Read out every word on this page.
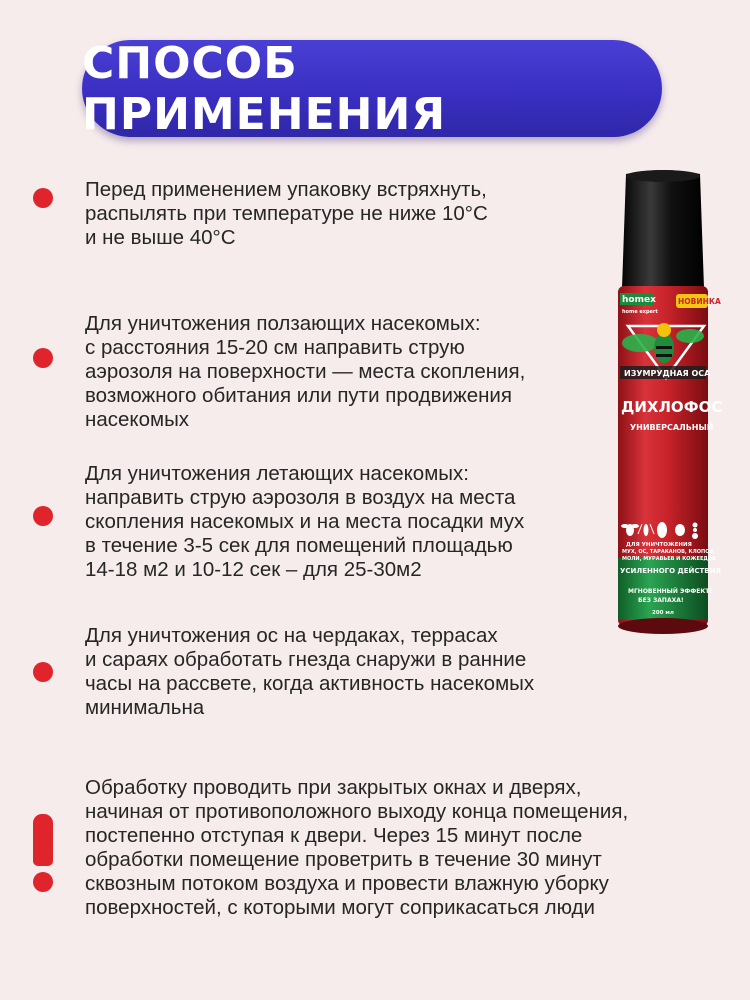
СПОСОБ ПРИМЕНЕНИЯ
Перед применением упаковку встряхнуть,
распылять при температуре не ниже 10°С
и не выше 40°С
Для уничтожения ползающих насекомых:
с расстояния 15-20 см направить струю
аэрозоля на поверхности — места скопления,
возможного обитания или пути продвижения
насекомых
Для уничтожения летающих насекомых:
направить струю аэрозоля в воздух на места
скопления насекомых и на места посадки мух
в течение 3-5 сек для помещений площадью
14-18 м2 и 10-12 сек – для 25-30м2
Для уничтожения ос на чердаках, террасах
и сараях обработать гнезда снаружи в ранние
часы на рассвете, когда активность насекомых
минимальна
Обработку проводить при закрытых окнах и дверях,
начиная от противоположного выходу конца помещения,
постепенно отступая к двери. Через 15 минут после
обработки помещение проветрить в течение 30 минут
сквозным потоком воздуха и провести влажную уборку
поверхностей, с которыми могут соприкасаться люди
homex
home expert
НОВИНКА
ИЗУМРУДНАЯ ОСА
ДИХЛОФОС
УНИВЕРСАЛЬНЫЙ
ДЛЯ УНИЧТОЖЕНИЯ
МУХ, ОС, ТАРАКАНОВ, КЛОПОВ,
МОЛИ, МУРАВЬЕВ И КОЖЕЕДОВ
УСИЛЕННОГО ДЕЙСТВИЯ
МГНОВЕННЫЙ ЭФФЕКТ!
БЕЗ ЗАПАХА!
200 мл
